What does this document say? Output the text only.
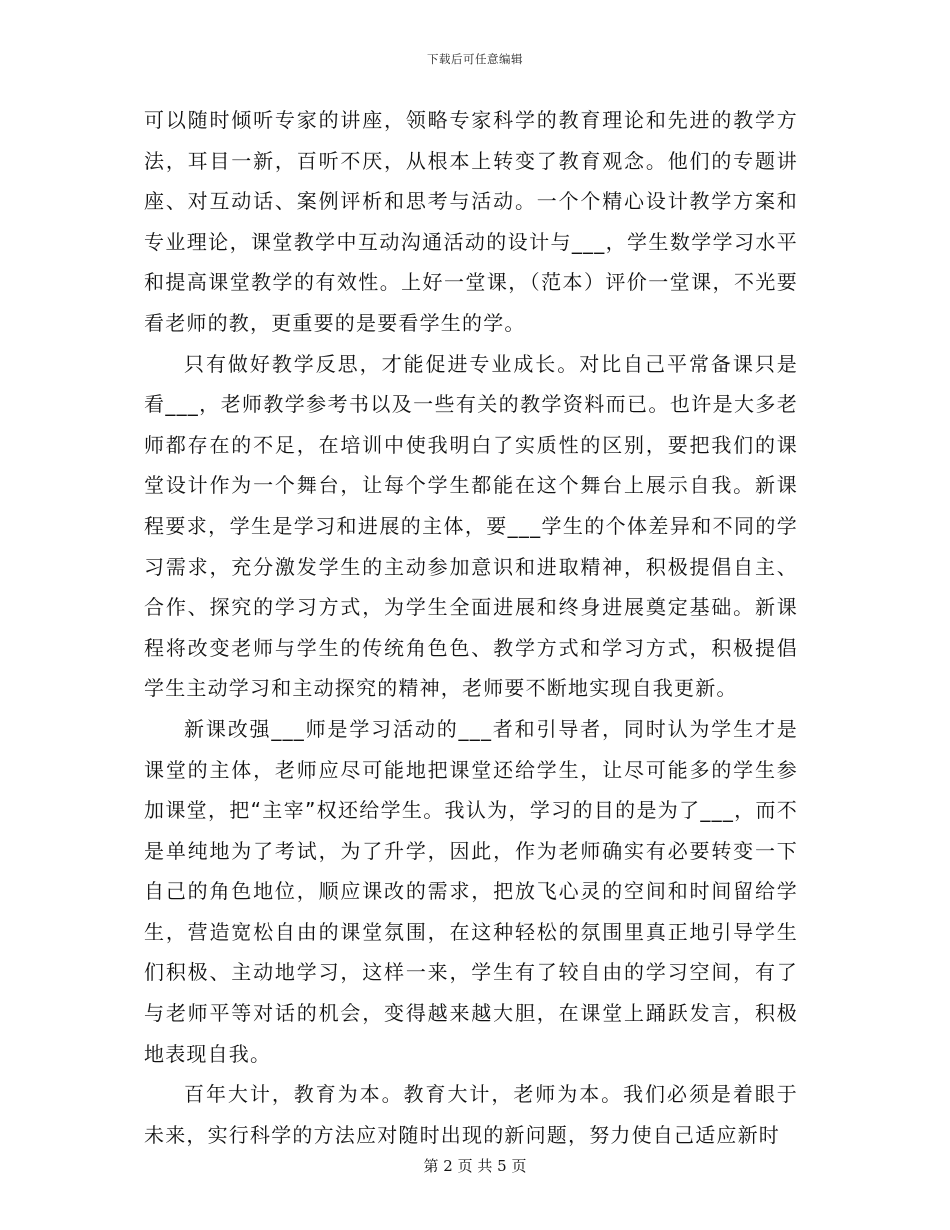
下载后可任意编辑

可以随时倾听专家的讲座，领略专家科学的教育理论和先进的教学方法，耳目一新，百听不厌，从根本上转变了教育观念。他们的专题讲座、对互动话、案例评析和思考与活动。一个个精心设计教学方案和专业理论，课堂教学中互动沟通活动的设计与___，学生数学学习水平和提高课堂教学的有效性。上好一堂课，（范本）评价一堂课，不光要看老师的教，更重要的是要看学生的学。

只有做好教学反思，才能促进专业成长。对比自己平常备课只是看___，老师教学参考书以及一些有关的教学资料而已。也许是大多老师都存在的不足，在培训中使我明白了实质性的区别，要把我们的课堂设计作为一个舞台，让每个学生都能在这个舞台上展示自我。新课程要求，学生是学习和进展的主体，要___学生的个体差异和不同的学习需求，充分激发学生的主动参加意识和进取精神，积极提倡自主、合作、探究的学习方式，为学生全面进展和终身进展奠定基础。新课程将改变老师与学生的传统角色色、教学方式和学习方式，积极提倡学生主动学习和主动探究的精神，老师要不断地实现自我更新。

新课改强___师是学习活动的___者和引导者，同时认为学生才是课堂的主体，老师应尽可能地把课堂还给学生，让尽可能多的学生参加课堂，把“主宰”权还给学生。我认为，学习的目的是为了___，而不是单纯地为了考试，为了升学，因此，作为老师确实有必要转变一下自己的角色地位，顺应课改的需求，把放飞心灵的空间和时间留给学生，营造宽松自由的课堂氛围，在这种轻松的氛围里真正地引导学生们积极、主动地学习，这样一来，学生有了较自由的学习空间，有了与老师平等对话的机会，变得越来越大胆，在课堂上踊跃发言，积极地表现自我。

百年大计，教育为本。教育大计，老师为本。我们必须是着眼于未来，实行科学的方法应对随时出现的新问题，努力使自己适应新时

第 2 页 共 5 页
